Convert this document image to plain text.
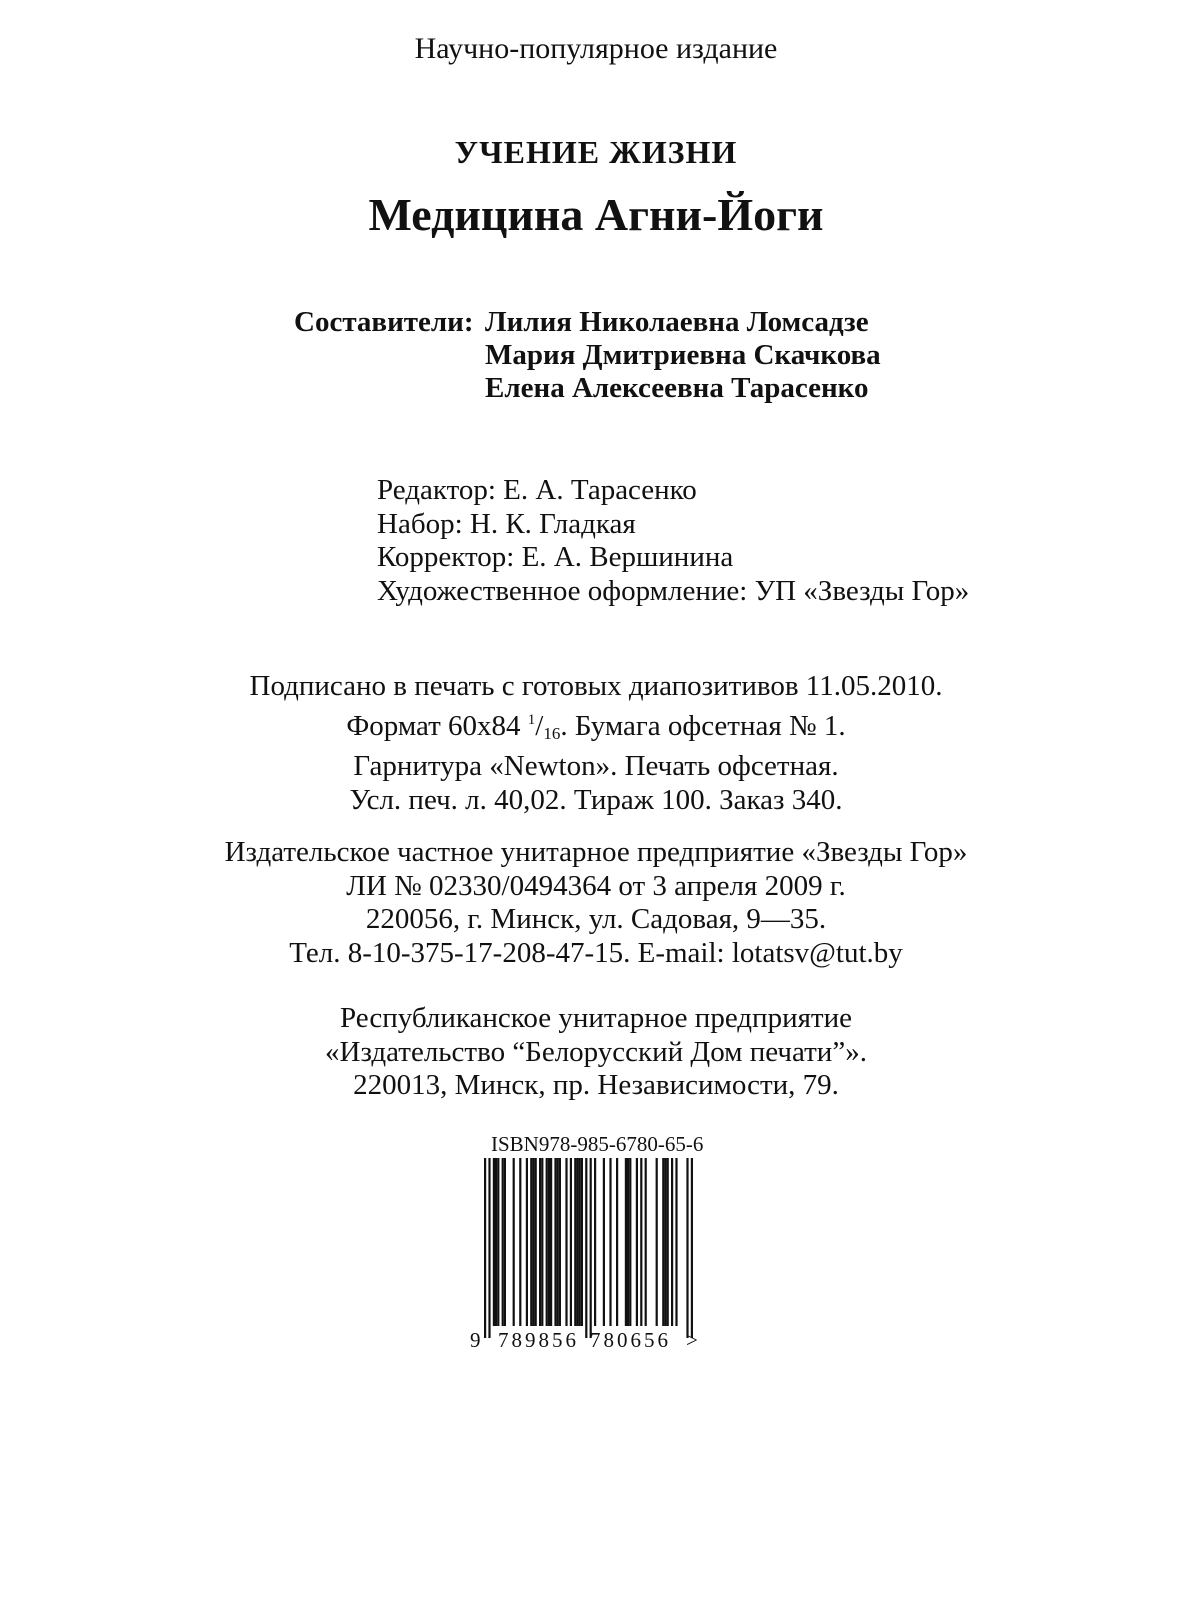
Научно-популярное издание
УЧЕНИЕ ЖИЗНИ
Медицина Агни-Йоги
Составители: Лилия Николаевна Ломсадзе
Мария Дмитриевна Скачкова
Елена Алексеевна Тарасенко
Редактор: Е. А. Тарасенко
Набор: Н. К. Гладкая
Корректор: Е. А. Вершинина
Художественное оформление: УП «Звезды Гор»
Подписано в печать с готовых диапозитивов 11.05.2010.
Формат 60x84 $^1/_{16}$. Бумага офсетная № 1.
Гарнитура «Newton». Печать офсетная.
Усл. печ. л. 40,02. Тираж 100. Заказ 340.
Издательское частное унитарное предприятие «Звезды Гор»
ЛИ № 02330/0494364 от 3 апреля 2009 г.
220056, г. Минск, ул. Садовая, 9—35.
Тел. 8-10-375-17-208-47-15. E-mail: lotatsv@tut.by
Республиканское унитарное предприятие
«Издательство “Белорусский Дом печати”».
220013, Минск, пр. Независимости, 79.
ISBN978-985-6780-65-6
9 789856 780656 >
